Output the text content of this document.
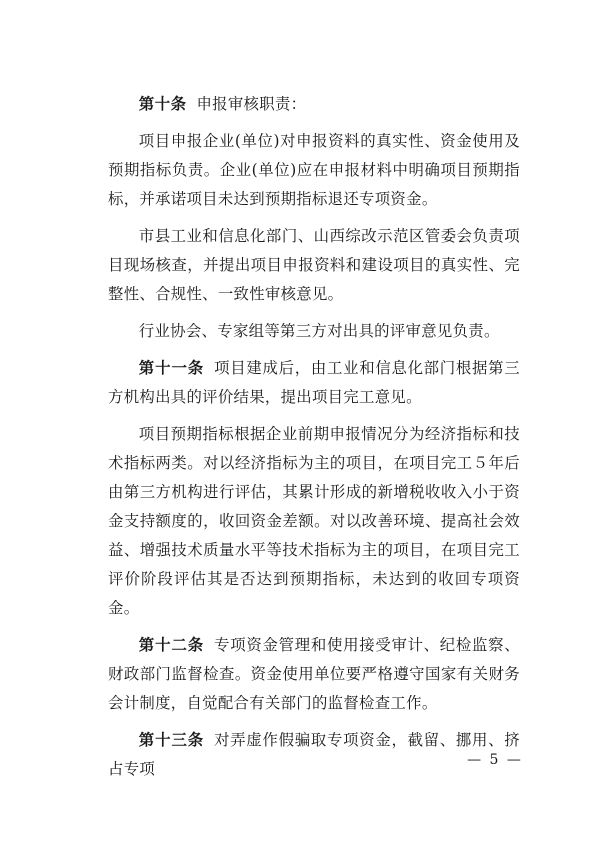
第十条 申报审核职责：

项目申报企业(单位)对申报资料的真实性、资金使用及预期指标负责。企业(单位)应在申报材料中明确项目预期指标，并承诺项目未达到预期指标退还专项资金。

市县工业和信息化部门、山西综改示范区管委会负责项目现场核查，并提出项目申报资料和建设项目的真实性、完整性、合规性、一致性审核意见。

行业协会、专家组等第三方对出具的评审意见负责。

第十一条 项目建成后，由工业和信息化部门根据第三方机构出具的评价结果，提出项目完工意见。

项目预期指标根据企业前期申报情况分为经济指标和技术指标两类。对以经济指标为主的项目，在项目完工５年后由第三方机构进行评估，其累计形成的新增税收收入小于资金支持额度的，收回资金差额。对以改善环境、提高社会效益、增强技术质量水平等技术指标为主的项目，在项目完工评价阶段评估其是否达到预期指标，未达到的收回专项资金。

第十二条 专项资金管理和使用接受审计、纪检监察、财政部门监督检查。资金使用单位要严格遵守国家有关财务会计制度，自觉配合有关部门的监督检查工作。

第十三条 对弄虚作假骗取专项资金，截留、挪用、挤占专项	— 5 —
